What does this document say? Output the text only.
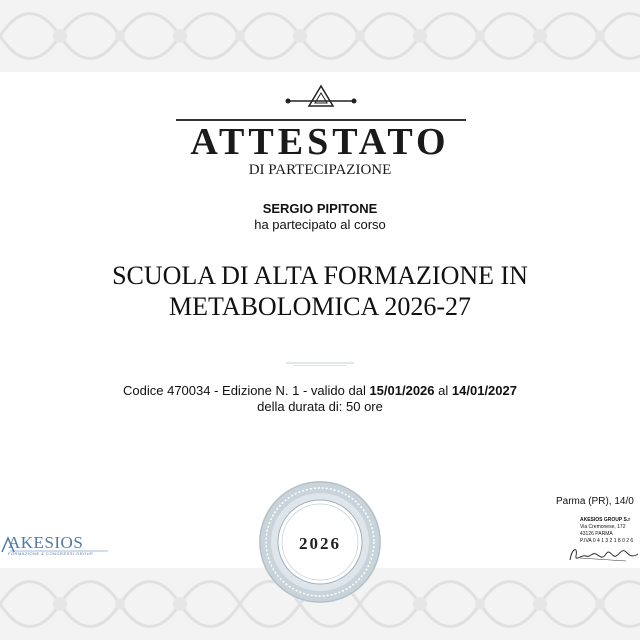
ATTESTATO
DI PARTECIPAZIONE
SERGIO PIPITONE
ha partecipato al corso
SCUOLA DI ALTA FORMAZIONE IN
METABOLOMICA 2026-27
Codice 470034 - Edizione N. 1 - valido dal 15/01/2026 al 14/01/2027
della durata di: 50 ore
2026
AKESIOS
FORMAZIONE & CONGRESSI GROUP
Parma (PR), 14/0
AKESIOS GROUP S.r
Via Cremonese, 172
43126 PARMA
P.IVA 0 4 1 3 2 1 8 0 2 6
